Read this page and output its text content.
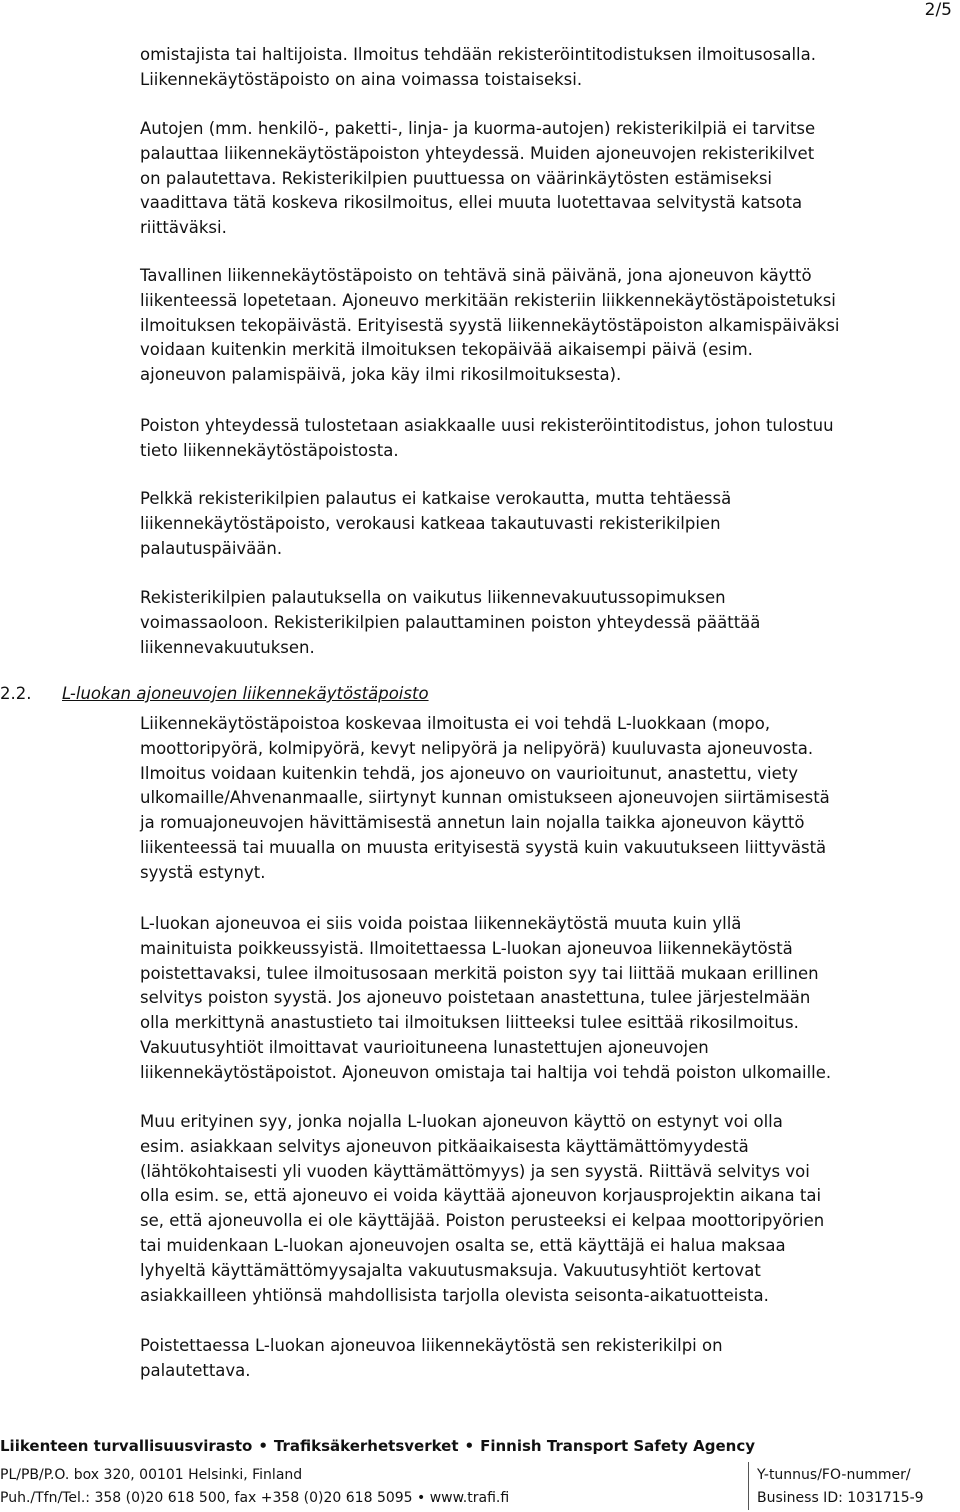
2/5
omistajista tai haltijoista. Ilmoitus tehdään rekisteröintitodistuksen ilmoitusosalla.
Liikennekäytöstäpoisto on aina voimassa toistaiseksi.
Autojen (mm. henkilö-, paketti-, linja- ja kuorma-autojen) rekisterikilpiä ei tarvitse
palauttaa liikennekäytöstäpoiston yhteydessä. Muiden ajoneuvojen rekisterikilvet
on palautettava. Rekisterikilpien puuttuessa on väärinkäytösten estämiseksi
vaadittava tätä koskeva rikosilmoitus, ellei muuta luotettavaa selvitystä katsota
riittäväksi.
Tavallinen liikennekäytöstäpoisto on tehtävä sinä päivänä, jona ajoneuvon käyttö
liikenteessä lopetetaan. Ajoneuvo merkitään rekisteriin liikkennekäytöstäpoistetuksi
ilmoituksen tekopäivästä. Erityisestä syystä liikennekäytöstäpoiston alkamispäiväksi
voidaan kuitenkin merkitä ilmoituksen tekopäivää aikaisempi päivä (esim.
ajoneuvon palamispäivä, joka käy ilmi rikosilmoituksesta).
Poiston yhteydessä tulostetaan asiakkaalle uusi rekisteröintitodistus, johon tulostuu
tieto liikennekäytöstäpoistosta.
Pelkkä rekisterikilpien palautus ei katkaise verokautta, mutta tehtäessä
liikennekäytöstäpoisto, verokausi katkeaa takautuvasti rekisterikilpien
palautuspäivään.
Rekisterikilpien palautuksella on vaikutus liikennevakuutussopimuksen
voimassaoloon. Rekisterikilpien palauttaminen poiston yhteydessä päättää
liikennevakuutuksen.
2.2. L-luokan ajoneuvojen liikennekäytöstäpoisto
Liikennekäytöstäpoistoa koskevaa ilmoitusta ei voi tehdä L-luokkaan (mopo,
moottoripyörä, kolmipyörä, kevyt nelipyörä ja nelipyörä) kuuluvasta ajoneuvosta.
Ilmoitus voidaan kuitenkin tehdä, jos ajoneuvo on vaurioitunut, anastettu, viety
ulkomaille/Ahvenanmaalle, siirtynyt kunnan omistukseen ajoneuvojen siirtämisestä
ja romuajoneuvojen hävittämisestä annetun lain nojalla taikka ajoneuvon käyttö
liikenteessä tai muualla on muusta erityisestä syystä kuin vakuutukseen liittyvästä
syystä estynyt.
L-luokan ajoneuvoa ei siis voida poistaa liikennekäytöstä muuta kuin yllä
mainituista poikkeussyistä. Ilmoitettaessa L-luokan ajoneuvoa liikennekäytöstä
poistettavaksi, tulee ilmoitusosaan merkitä poiston syy tai liittää mukaan erillinen
selvitys poiston syystä. Jos ajoneuvo poistetaan anastettuna, tulee järjestelmään
olla merkittynä anastustieto tai ilmoituksen liitteeksi tulee esittää rikosilmoitus.
Vakuutusyhtiöt ilmoittavat vaurioituneena lunastettujen ajoneuvojen
liikennekäytöstäpoistot. Ajoneuvon omistaja tai haltija voi tehdä poiston ulkomaille.
Muu erityinen syy, jonka nojalla L-luokan ajoneuvon käyttö on estynyt voi olla
esim. asiakkaan selvitys ajoneuvon pitkäaikaisesta käyttämättömyydestä
(lähtökohtaisesti yli vuoden käyttämättömyys) ja sen syystä. Riittävä selvitys voi
olla esim. se, että ajoneuvo ei voida käyttää ajoneuvon korjausprojektin aikana tai
se, että ajoneuvolla ei ole käyttäjää. Poiston perusteeksi ei kelpaa moottoripyörien
tai muidenkaan L-luokan ajoneuvojen osalta se, että käyttäjä ei halua maksaa
lyhyeltä käyttämättömyysajalta vakuutusmaksuja. Vakuutusyhtiöt kertovat
asiakkailleen yhtiönsä mahdollisista tarjolla olevista seisonta-aikatuotteista.
Poistettaessa L-luokan ajoneuvoa liikennekäytöstä sen rekisterikilpi on
palautettava.
Liikenteen turvallisuusvirasto • Trafiksäkerhetsverket • Finnish Transport Safety Agency
PL/PB/P.O. box 320, 00101 Helsinki, Finland
Puh./Tfn/Tel.: 358 (0)20 618 500, fax +358 (0)20 618 5095 • www.trafi.fi
Y-tunnus/FO-nummer/
Business ID: 1031715-9
